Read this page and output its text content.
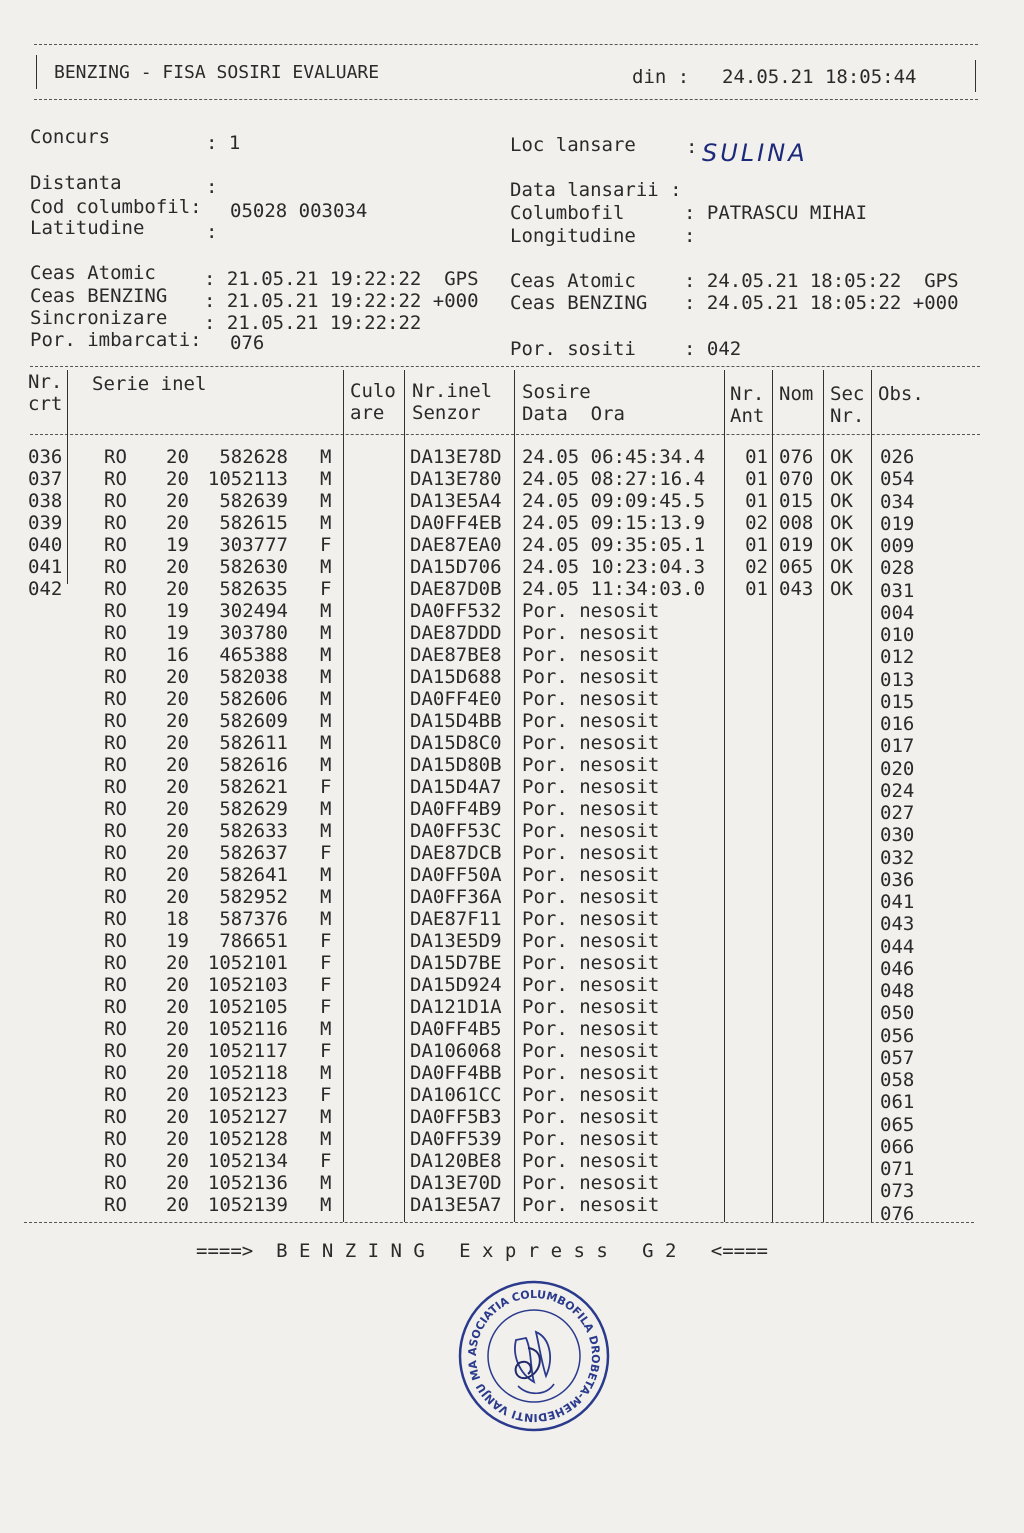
BENZING - FISA SOSIRI EVALUARE	din : 24.05.21 18:05:44
Concurs	: 1
Distanta	:
Cod columbofil: 05028 003034
Latitudine	:
Loc lansare	: SULINA
Data lansarii :
Columbofil	: PATRASCU MIHAI
Longitudine	:
Ceas Atomic	: 21.05.21 19:22:22  GPS
Ceas BENZING : 21.05.21 19:22:22 +000
Sincronizare : 21.05.21 19:22:22
Por. imbarcati: 076
Ceas Atomic	: 24.05.21 18:05:22  GPS
Ceas BENZING : 24.05.21 18:05:22 +000
Por. sositi	: 042
Nr.
crt
Serie inel	Culo
are
Nr.inel
Senzor
Sosire
Data  Ora
Nr.
Ant
Nom Sec
Nr.
Obs.
036 RO	20	582628 M	DA13E78D	24.05 06:45:34.4	01 076 OK	026
037 RO	20	1052113 M	DA13E780	24.05 08:27:16.4	01 070 OK	054
038 RO	20	582639 M	DA13E5A4	24.05 09:09:45.5	01 015 OK	034
039 RO	20	582615 M	DA0FF4EB	24.05 09:15:13.9	02 008 OK	019
040 RO	19	303777 F	DAE87EA0	24.05 09:35:05.1	01 019 OK	009
041 RO	20	582630 M	DA15D706	24.05 10:23:04.3	02 065 OK	028
042 RO	20	582635 F	DAE87D0B	24.05 11:34:03.0	01 043 OK	031
RO	19	302494 M	DA0FF532	Por. nesosit	004
RO	19	303780 M	DAE87DDD	Por. nesosit	010
RO	16	465388 M	DAE87BE8	Por. nesosit	012
RO	20	582038 M	DA15D688	Por. nesosit	013
RO	20	582606 M	DA0FF4E0	Por. nesosit	015
RO	20	582609 M	DA15D4BB	Por. nesosit	016
RO	20	582611 M	DA15D8C0	Por. nesosit	017
RO	20	582616 M	DA15D80B	Por. nesosit	020
RO	20	582621 F	DA15D4A7	Por. nesosit	024
RO	20	582629 M	DA0FF4B9	Por. nesosit	027
RO	20	582633 M	DA0FF53C	Por. nesosit	030
RO	20	582637 F	DAE87DCB	Por. nesosit	032
RO	20	582641 M	DA0FF50A	Por. nesosit	036
RO	20	582952 M	DA0FF36A	Por. nesosit	041
RO	18	587376 M	DAE87F11	Por. nesosit	043
RO	19	786651 F	DA13E5D9	Por. nesosit	044
RO	20	1052101 F	DA15D7BE	Por. nesosit	046
RO	20	1052103 F	DA15D924	Por. nesosit	048
RO	20	1052105 F	DA121D1A	Por. nesosit	050
RO	20	1052116 M	DA0FF4B5	Por. nesosit	056
RO	20	1052117 F	DA106068	Por. nesosit	057
RO	20	1052118 M	DA0FF4BB	Por. nesosit	058
RO	20	1052123 F	DA1061CC	Por. nesosit	061
RO	20	1052127 M	DA0FF5B3	Por. nesosit	065
RO	20	1052128 M	DA0FF539	Por. nesosit	066
RO	20	1052134 F	DA120BE8	Por. nesosit	071
RO	20	1052136 M	DA13E70D	Por. nesosit	073
RO	20	1052139 M	DA13E5A7	Por. nesosit	076
====>  B E N Z I N G   E x p r e s s   G 2   <====
ASOCIATIA COLUMBOFILA DROBETA-MEHEDINTI VANJU MA
